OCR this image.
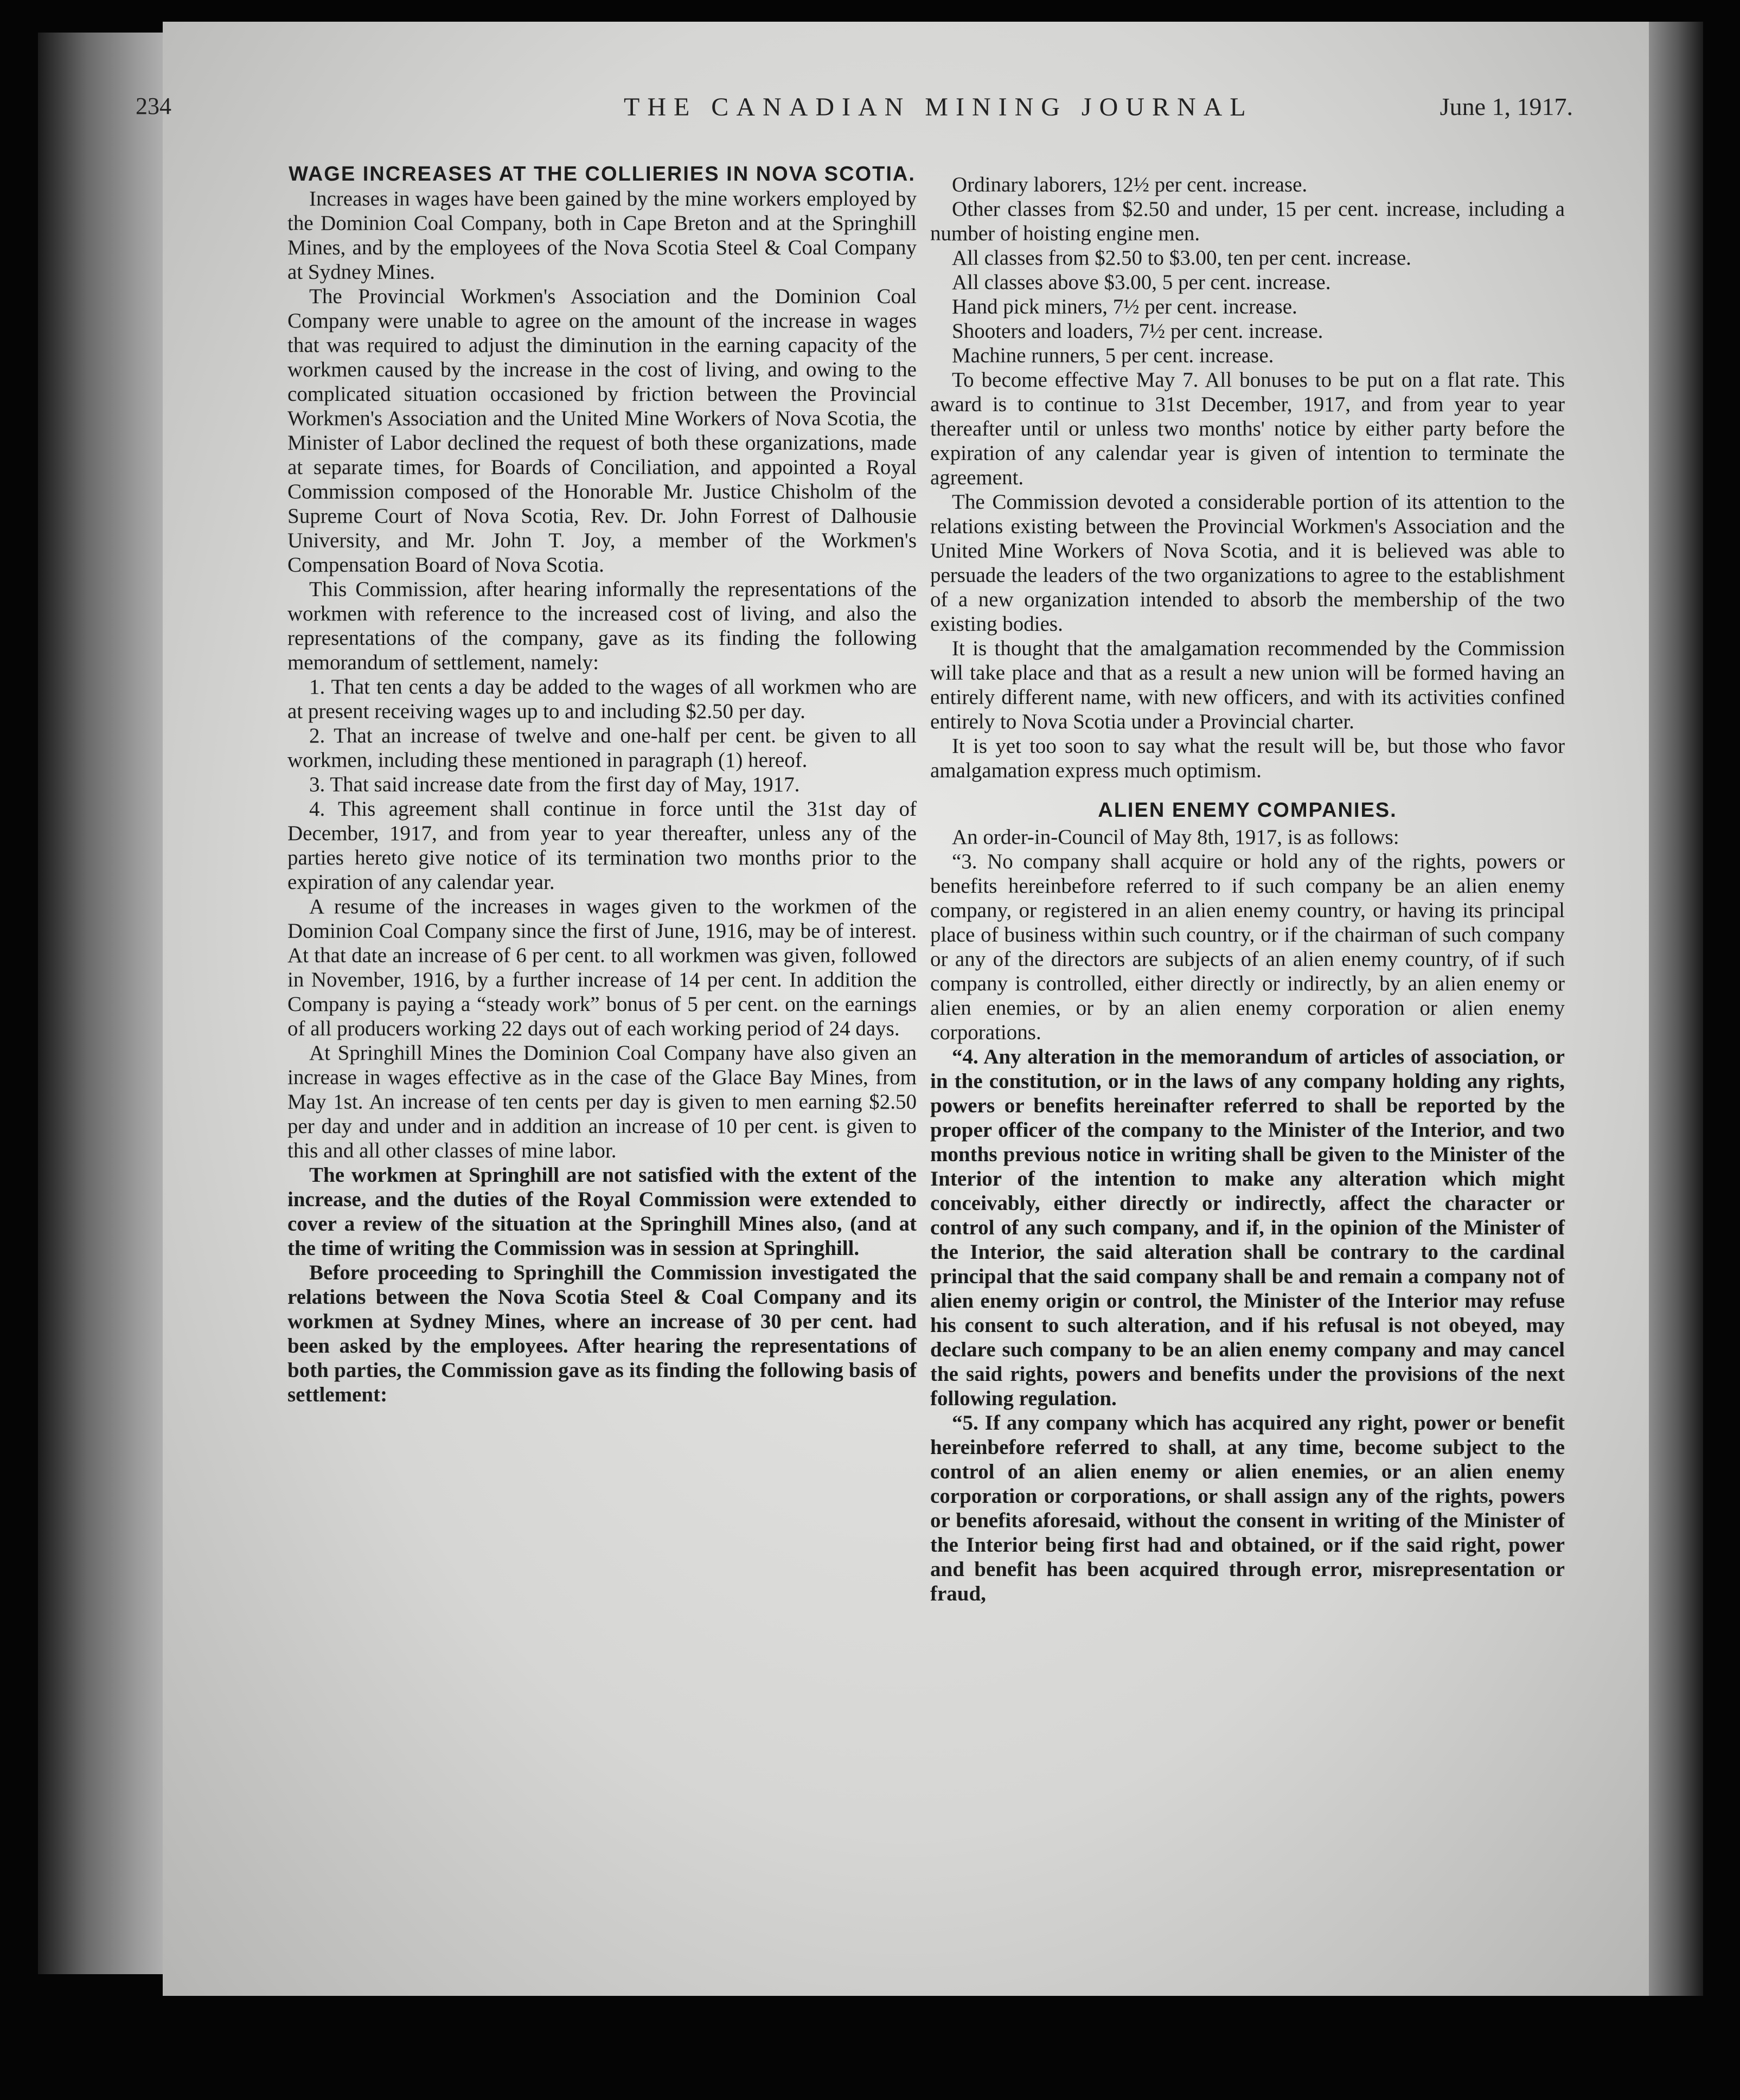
234	THE CANADIAN MINING JOURNAL	June 1, 1917.
WAGE INCREASES AT THE COLLIERIES IN NOVA SCOTIA.

Increases in wages have been gained by the mine workers employed by the Dominion Coal Company, both in Cape Breton and at the Springhill Mines, and by the employees of the Nova Scotia Steel & Coal Company at Sydney Mines.

The Provincial Workmen's Association and the Dominion Coal Company were unable to agree on the amount of the increase in wages that was required to adjust the diminution in the earning capacity of the workmen caused by the increase in the cost of living, and owing to the complicated situation occasioned by friction between the Provincial Workmen's Association and the United Mine Workers of Nova Scotia, the Minister of Labor declined the request of both these organizations, made at separate times, for Boards of Conciliation, and appointed a Royal Commission composed of the Honorable Mr. Justice Chisholm of the Supreme Court of Nova Scotia, Rev. Dr. John Forrest of Dalhousie University, and Mr. John T. Joy, a member of the Workmen's Compensation Board of Nova Scotia.

This Commission, after hearing informally the representations of the workmen with reference to the increased cost of living, and also the representations of the company, gave as its finding the following memorandum of settlement, namely:

1. That ten cents a day be added to the wages of all workmen who are at present receiving wages up to and including $2.50 per day.

2. That an increase of twelve and one-half per cent. be given to all workmen, including these mentioned in paragraph (1) hereof.

3. That said increase date from the first day of May, 1917.

4. This agreement shall continue in force until the 31st day of December, 1917, and from year to year thereafter, unless any of the parties hereto give notice of its termination two months prior to the expiration of any calendar year.

A resume of the increases in wages given to the workmen of the Dominion Coal Company since the first of June, 1916, may be of interest. At that date an increase of 6 per cent. to all workmen was given, followed in November, 1916, by a further increase of 14 per cent. In addition the Company is paying a “steady work” bonus of 5 per cent. on the earnings of all producers working 22 days out of each working period of 24 days.

At Springhill Mines the Dominion Coal Company have also given an increase in wages effective as in the case of the Glace Bay Mines, from May 1st. An increase of ten cents per day is given to men earning $2.50 per day and under and in addition an increase of 10 per cent. is given to this and all other classes of mine labor.

The workmen at Springhill are not satisfied with the extent of the increase, and the duties of the Royal Commission were extended to cover a review of the situation at the Springhill Mines also, (and at the time of writing the Commission was in session at Springhill.

Before proceeding to Springhill the Commission investigated the relations between the Nova Scotia Steel & Coal Company and its workmen at Sydney Mines, where an increase of 30 per cent. had been asked by the employees. After hearing the representations of both parties, the Commission gave as its finding the following basis of settlement:

Ordinary laborers, 12½ per cent. increase.

Other classes from $2.50 and under, 15 per cent. increase, including a number of hoisting engine men.

All classes from $2.50 to $3.00, ten per cent. increase.

All classes above $3.00, 5 per cent. increase.

Hand pick miners, 7½ per cent. increase.

Shooters and loaders, 7½ per cent. increase.

Machine runners, 5 per cent. increase.

To become effective May 7. All bonuses to be put on a flat rate. This award is to continue to 31st December, 1917, and from year to year thereafter until or unless two months' notice by either party before the expiration of any calendar year is given of intention to terminate the agreement.

The Commission devoted a considerable portion of its attention to the relations existing between the Provincial Workmen's Association and the United Mine Workers of Nova Scotia, and it is believed was able to persuade the leaders of the two organizations to agree to the establishment of a new organization intended to absorb the membership of the two existing bodies.

It is thought that the amalgamation recommended by the Commission will take place and that as a result a new union will be formed having an entirely different name, with new officers, and with its activities confined entirely to Nova Scotia under a Provincial charter.

It is yet too soon to say what the result will be, but those who favor amalgamation express much optimism.

ALIEN ENEMY COMPANIES.

An order-in-Council of May 8th, 1917, is as follows:

“3. No company shall acquire or hold any of the rights, powers or benefits hereinbefore referred to if such company be an alien enemy company, or registered in an alien enemy country, or having its principal place of business within such country, or if the chairman of such company or any of the directors are subjects of an alien enemy country, of if such company is controlled, either directly or indirectly, by an alien enemy or alien enemies, or by an alien enemy corporation or alien enemy corporations.

“4. Any alteration in the memorandum of articles of association, or in the constitution, or in the laws of any company holding any rights, powers or benefits hereinafter referred to shall be reported by the proper officer of the company to the Minister of the Interior, and two months previous notice in writing shall be given to the Minister of the Interior of the intention to make any alteration which might conceivably, either directly or indirectly, affect the character or control of any such company, and if, in the opinion of the Minister of the Interior, the said alteration shall be contrary to the cardinal principal that the said company shall be and remain a company not of alien enemy origin or control, the Minister of the Interior may refuse his consent to such alteration, and if his refusal is not obeyed, may declare such company to be an alien enemy company and may cancel the said rights, powers and benefits under the provisions of the next following regulation.

“5. If any company which has acquired any right, power or benefit hereinbefore referred to shall, at any time, become subject to the control of an alien enemy or alien enemies, or an alien enemy corporation or corporations, or shall assign any of the rights, powers or benefits aforesaid, without the consent in writing of the Minister of the Interior being first had and obtained, or if the said right, power and benefit has been acquired through error, misrepresentation or fraud,
